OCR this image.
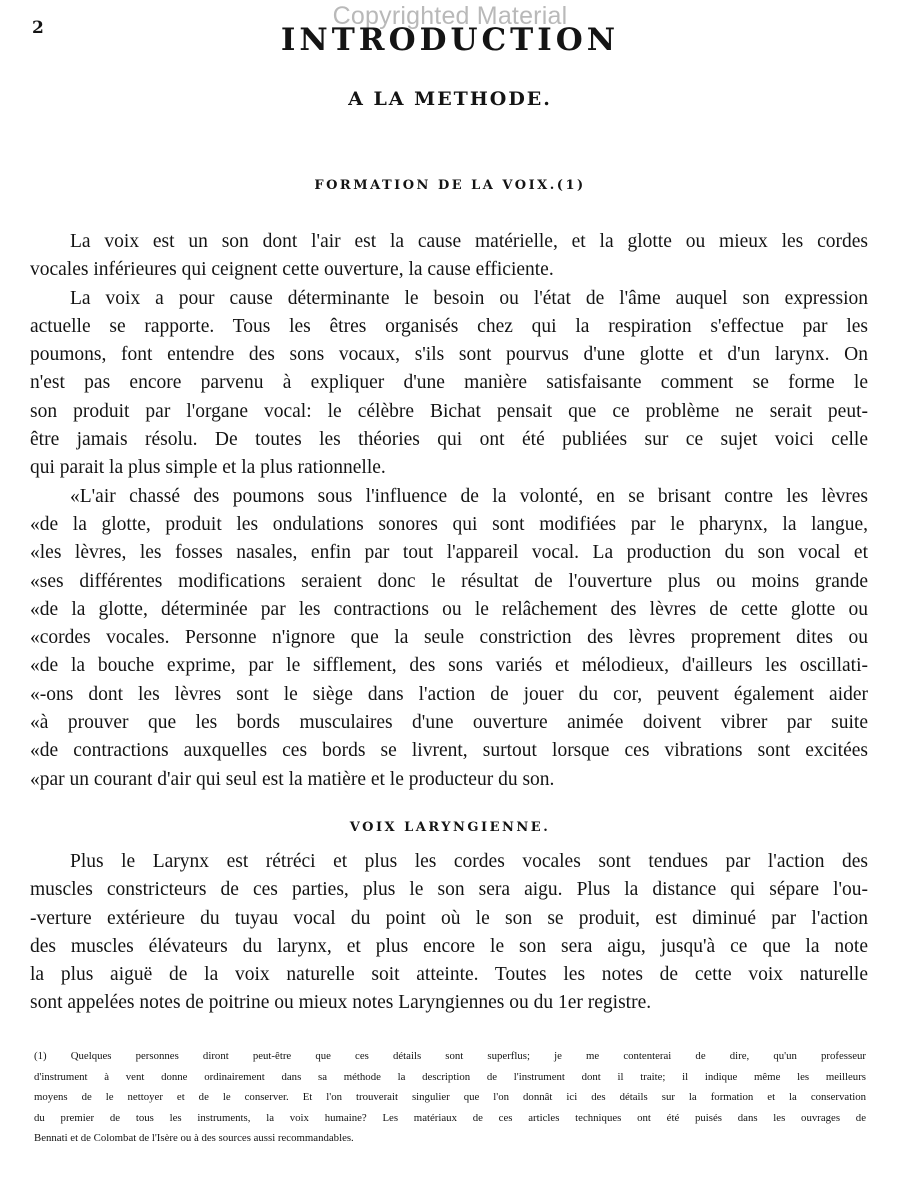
Copyrighted Material
2	INTRODUCTION
A LA METHODE.
FORMATION DE LA VOIX.(1)
La voix est un son dont l'air est la cause matérielle, et la glotte ou mieux les cordes
vocales inférieures qui ceignent cette ouverture, la cause efficiente.
La voix a pour cause déterminante le besoin ou l'état de l'âme auquel son expression
actuelle se rapporte. Tous les êtres organisés chez qui la respiration s'effectue par les
poumons, font entendre des sons vocaux, s'ils sont pourvus d'une glotte et d'un larynx. On
n'est pas encore parvenu à expliquer d'une manière satisfaisante comment se forme le
son produit par l'organe vocal: le célèbre Bichat pensait que ce problème ne serait peut-
être jamais résolu. De toutes les théories qui ont été publiées sur ce sujet voici celle
qui parait la plus simple et la plus rationnelle.
«L'air chassé des poumons sous l'influence de la volonté, en se brisant contre les lèvres
«de la glotte, produit les ondulations sonores qui sont modifiées par le pharynx, la langue,
«les lèvres, les fosses nasales, enfin par tout l'appareil vocal. La production du son vocal et
«ses différentes modifications seraient donc le résultat de l'ouverture plus ou moins grande
«de la glotte, déterminée par les contractions ou le relâchement des lèvres de cette glotte ou
«cordes vocales. Personne n'ignore que la seule constriction des lèvres proprement dites ou
«de la bouche exprime, par le sifflement, des sons variés et mélodieux, d'ailleurs les oscillati-
«-ons dont les lèvres sont le siège dans l'action de jouer du cor, peuvent également aider
«à prouver que les bords musculaires d'une ouverture animée doivent vibrer par suite
«de contractions auxquelles ces bords se livrent, surtout lorsque ces vibrations sont excitées
«par un courant d'air qui seul est la matière et le producteur du son.
VOIX LARYNGIENNE.
Plus le Larynx est rétréci et plus les cordes vocales sont tendues par l'action des
muscles constricteurs de ces parties, plus le son sera aigu. Plus la distance qui sépare l'ou-
-verture extérieure du tuyau vocal du point où le son se produit, est diminué par l'action
des muscles élévateurs du larynx, et plus encore le son sera aigu, jusqu'à ce que la note
la plus aiguë de la voix naturelle soit atteinte. Toutes les notes de cette voix naturelle
sont appelées notes de poitrine ou mieux notes Laryngiennes ou du 1er registre.
(1) Quelques personnes diront peut-être que ces détails sont superflus; je me contenterai de dire, qu'un professeur
d'instrument à vent donne ordinairement dans sa méthode la description de l'instrument dont il traite; il indique même les meilleurs
moyens de le nettoyer et de le conserver. Et l'on trouverait singulier que l'on donnât ici des détails sur la formation et la conservation
du premier de tous les instruments, la voix humaine? Les matériaux de ces articles techniques ont été puisés dans les ouvrages de
Bennati et de Colombat de l'Isère ou à des sources aussi recommandables.
